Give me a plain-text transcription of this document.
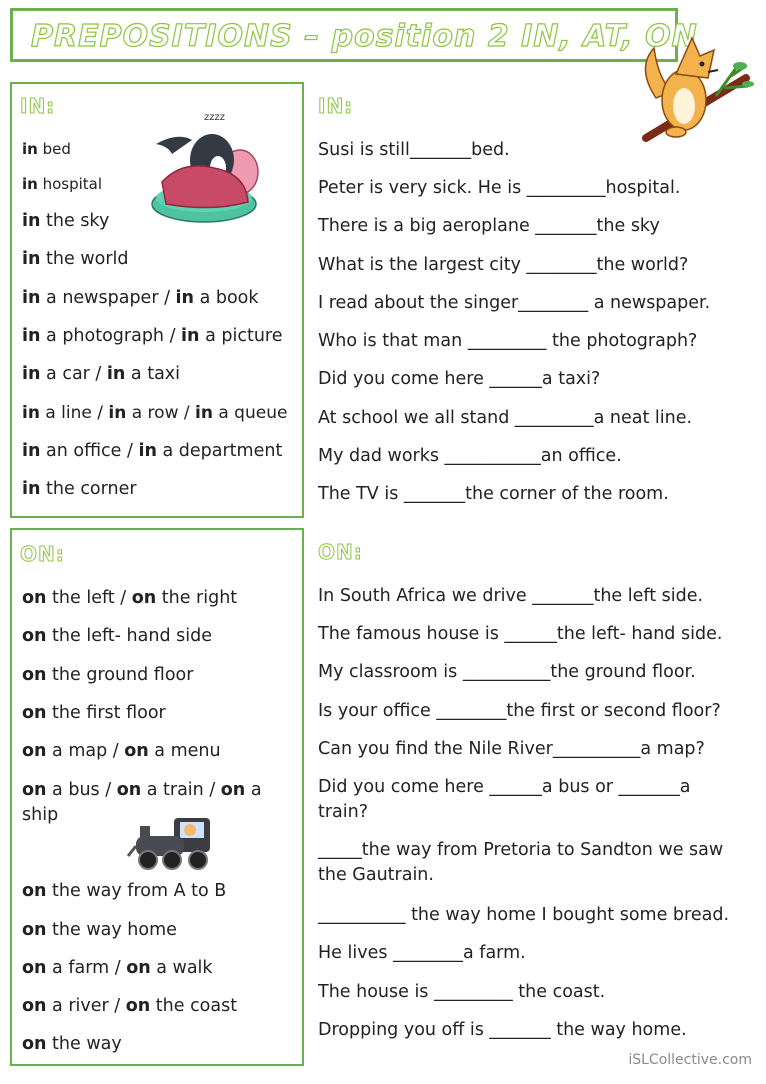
PREPOSITIONS – position 2 IN, AT, ON
IN:
in bed
in hospital
in the sky
in the world
in a newspaper / in a book
in a photograph / in a picture
in a car / in a taxi
in a line / in a row / in a queue
in an office / in a department
in the corner
zzzz	IN:
Susi is still_______bed.
Peter is very sick. He is _________hospital.
There is a big aeroplane _______the sky
What is the largest city ________the world?
I read about the singer________ a newspaper.
Who is that man _________ the photograph?
Did you come here ______a taxi?
At school we all stand _________a neat line.
My dad works ___________an office.
The TV is _______the corner of the room.
ON:
on the left / on the right
on the left- hand side
on the ground floor
on the first floor
on a map / on a menu
on a bus / on a train / on a ship
on the way from A to B
on the way home
on a farm / on a walk
on a river / on the coast
on the way
ON:
In South Africa we drive _______the left side.
The famous house is ______the left- hand side.
My classroom is __________the ground floor.
Is your office ________the first or second floor?
Can you find the Nile River__________a map?
Did you come here ______a bus or _______a train?
_____the way from Pretoria to Sandton we saw the Gautrain.
__________ the way home I bought some bread.
He lives ________a farm.
The house is _________ the coast.
Dropping you off is _______ the way home.
iSLCollective.com
